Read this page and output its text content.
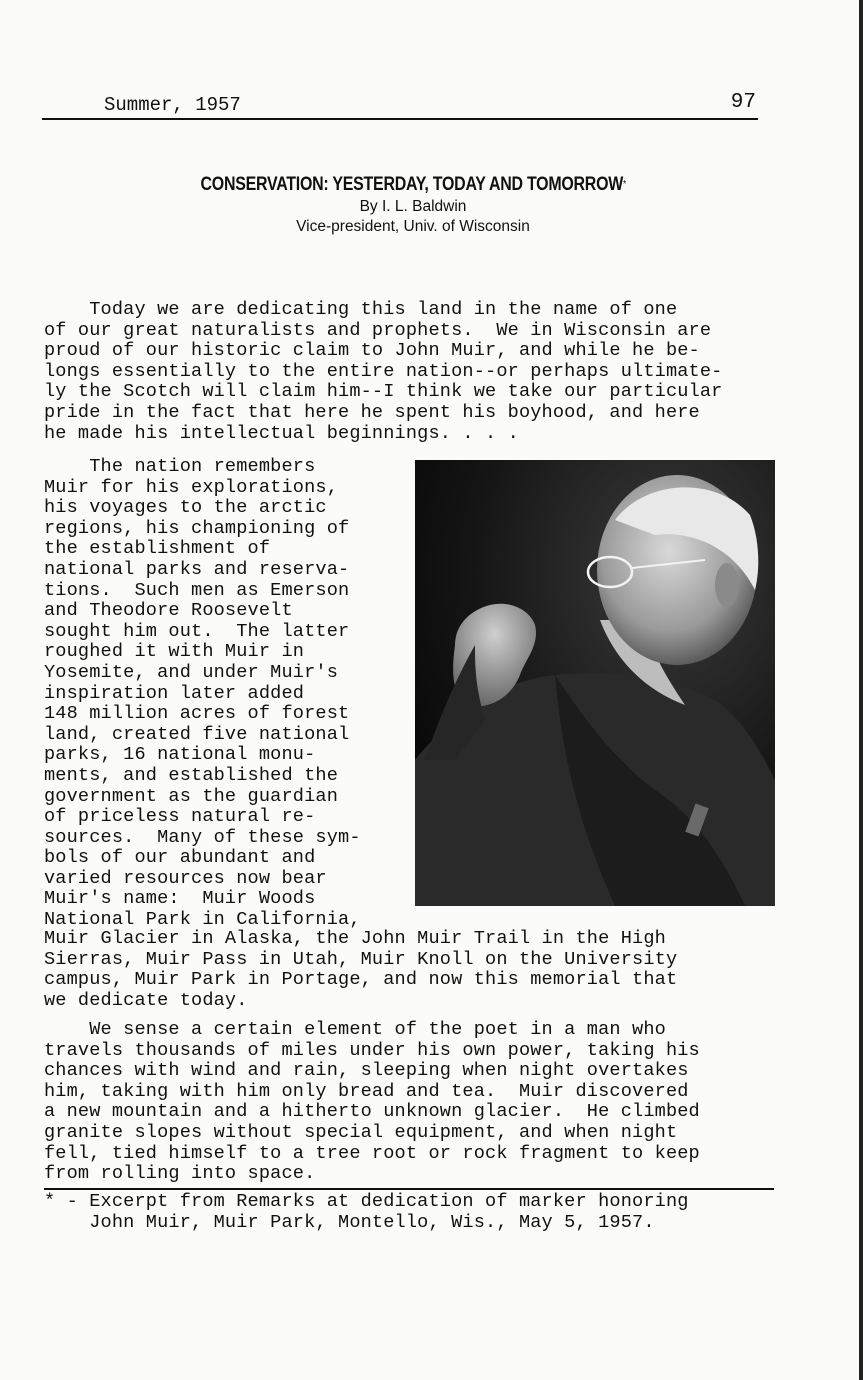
Summer, 1957	97
CONSERVATION: YESTERDAY, TODAY AND TOMORROW*
By I. L. Baldwin
Vice-president, Univ. of Wisconsin
Today we are dedicating this land in the name of one
of our great naturalists and prophets.  We in Wisconsin are
proud of our historic claim to John Muir, and while he be-
longs essentially to the entire nation--or perhaps ultimate-
ly the Scotch will claim him--I think we take our particular
pride in the fact that here he spent his boyhood, and here
he made his intellectual beginnings. . . .
The nation remembers
Muir for his explorations,
his voyages to the arctic
regions, his championing of
the establishment of
national parks and reserva-
tions.  Such men as Emerson
and Theodore Roosevelt
sought him out.  The latter
roughed it with Muir in
Yosemite, and under Muir's
inspiration later added
148 million acres of forest
land, created five national
parks, 16 national monu-
ments, and established the
government as the guardian
of priceless natural re-
sources.  Many of these sym-
bols of our abundant and
varied resources now bear
Muir's name:  Muir Woods
National Park in California,
Muir Glacier in Alaska, the John Muir Trail in the High
Sierras, Muir Pass in Utah, Muir Knoll on the University
campus, Muir Park in Portage, and now this memorial that
we dedicate today.
We sense a certain element of the poet in a man who
travels thousands of miles under his own power, taking his
chances with wind and rain, sleeping when night overtakes
him, taking with him only bread and tea.  Muir discovered
a new mountain and a hitherto unknown glacier.  He climbed
granite slopes without special equipment, and when night
fell, tied himself to a tree root or rock fragment to keep
from rolling into space.
* - Excerpt from Remarks at dedication of marker honoring
John Muir, Muir Park, Montello, Wis., May 5, 1957.
